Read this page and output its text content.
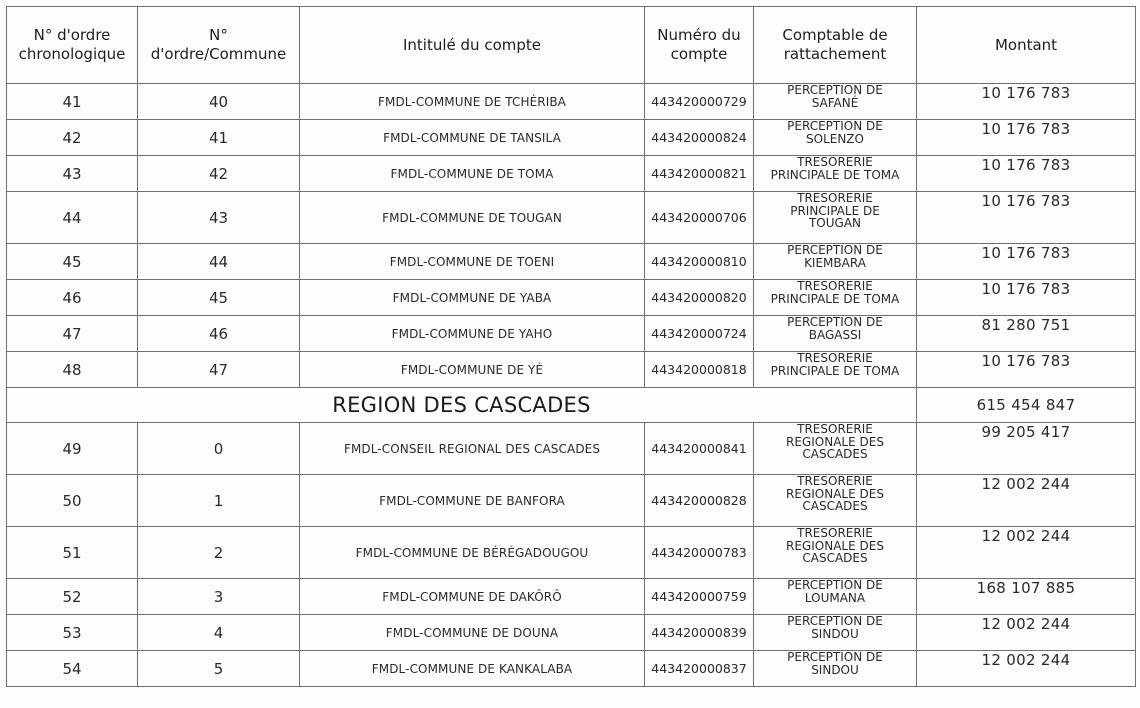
N° d'ordre chronologique	N°
d'ordre/Commune	Intitulé du compte	Numéro du compte	Comptable de rattachement	Montant
41	40	FMDL-COMMUNE DE TCHÉRIBA	443420000729	PERCEPTION DE
SAFANÉ	10 176 783
42	41	FMDL-COMMUNE DE TANSILA	443420000824	PERCEPTION DE
SOLENZO	10 176 783
43	42	FMDL-COMMUNE DE TOMA	443420000821	TRESORERIE
PRINCIPALE DE TOMA	10 176 783
44	43	FMDL-COMMUNE DE TOUGAN	443420000706	TRESORERIE
PRINCIPALE DE
TOUGAN	10 176 783
45	44	FMDL-COMMUNE DE TOENI	443420000810	PERCEPTION DE
KIEMBARA	10 176 783
46	45	FMDL-COMMUNE DE YABA	443420000820	TRESORERIE
PRINCIPALE DE TOMA	10 176 783
47	46	FMDL-COMMUNE DE YAHO	443420000724	PERCEPTION DE
BAGASSI	81 280 751
48	47	FMDL-COMMUNE DE YÉ	443420000818	TRESORERIE
PRINCIPALE DE TOMA	10 176 783
REGION DES CASCADES					615 454 847
49	0	FMDL-CONSEIL REGIONAL DES CASCADES	443420000841	TRESORERIE
REGIONALE DES
CASCADES	99 205 417
50	1	FMDL-COMMUNE DE BANFORA	443420000828	TRESORERIE
REGIONALE DES
CASCADES	12 002 244
51	2	FMDL-COMMUNE DE BÉRÉGADOUGOU	443420000783	TRESORERIE
REGIONALE DES
CASCADES	12 002 244
52	3	FMDL-COMMUNE DE DAKÔRÔ	443420000759	PERCEPTION DE
LOUMANA	168 107 885
53	4	FMDL-COMMUNE DE DOUNA	443420000839	PERCEPTION DE
SINDOU	12 002 244
54	5	FMDL-COMMUNE DE KANKALABA	443420000837	PERCEPTION DE
SINDOU	12 002 244
